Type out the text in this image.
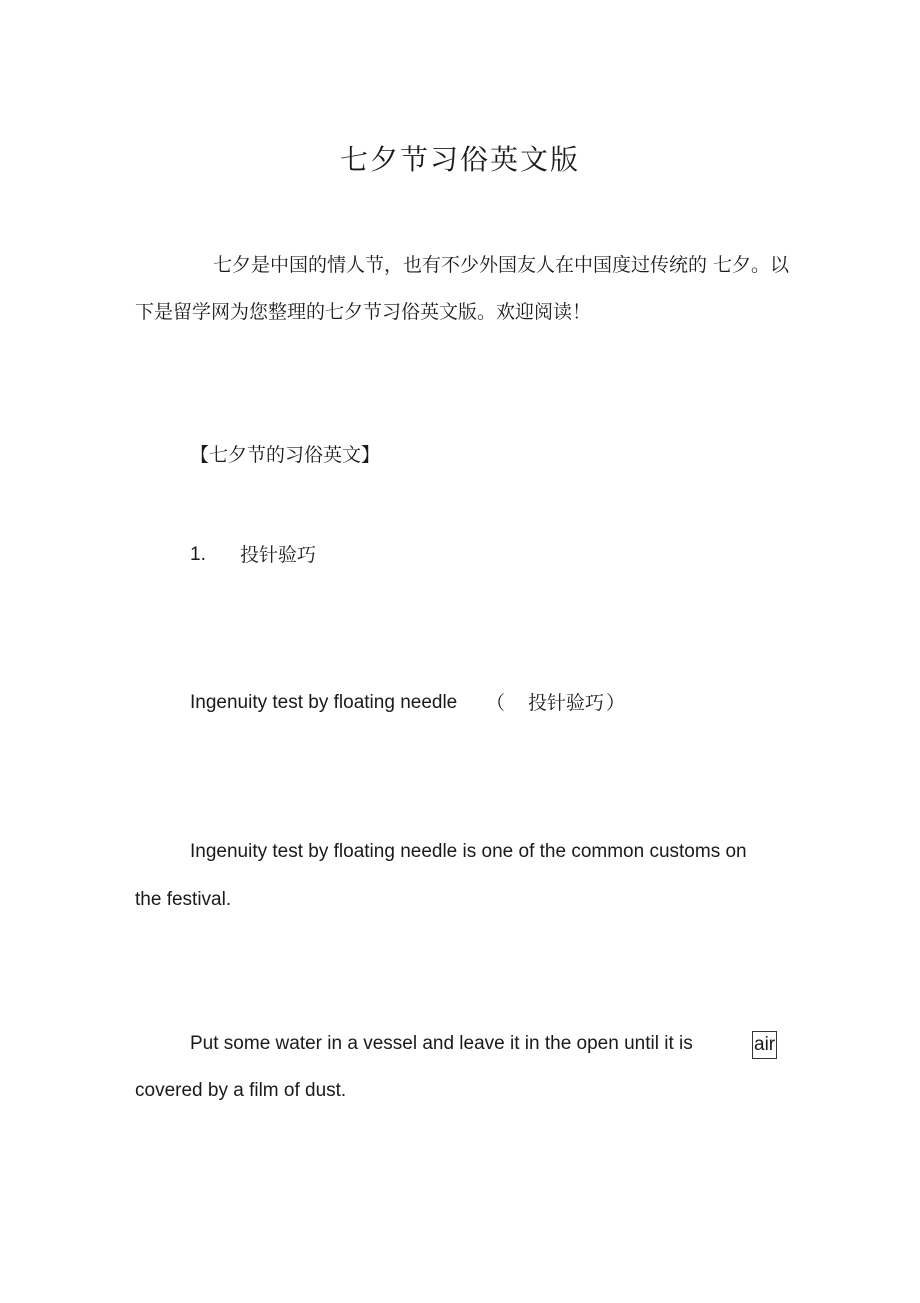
七夕节习俗英文版
七夕是中国的情人节，也有不少外国友人在中国度过传统的 七夕。以
下是留学网为您整理的七夕节习俗英文版。欢迎阅读！
【七夕节的习俗英文】
1. 投针验巧
Ingenuity test by floating needle （ 投针验巧 ）
Ingenuity test by floating needle is one of the common customs on
the festival.
Put some water in a vessel and leave it in the open until it is	air
covered by a film of dust.
